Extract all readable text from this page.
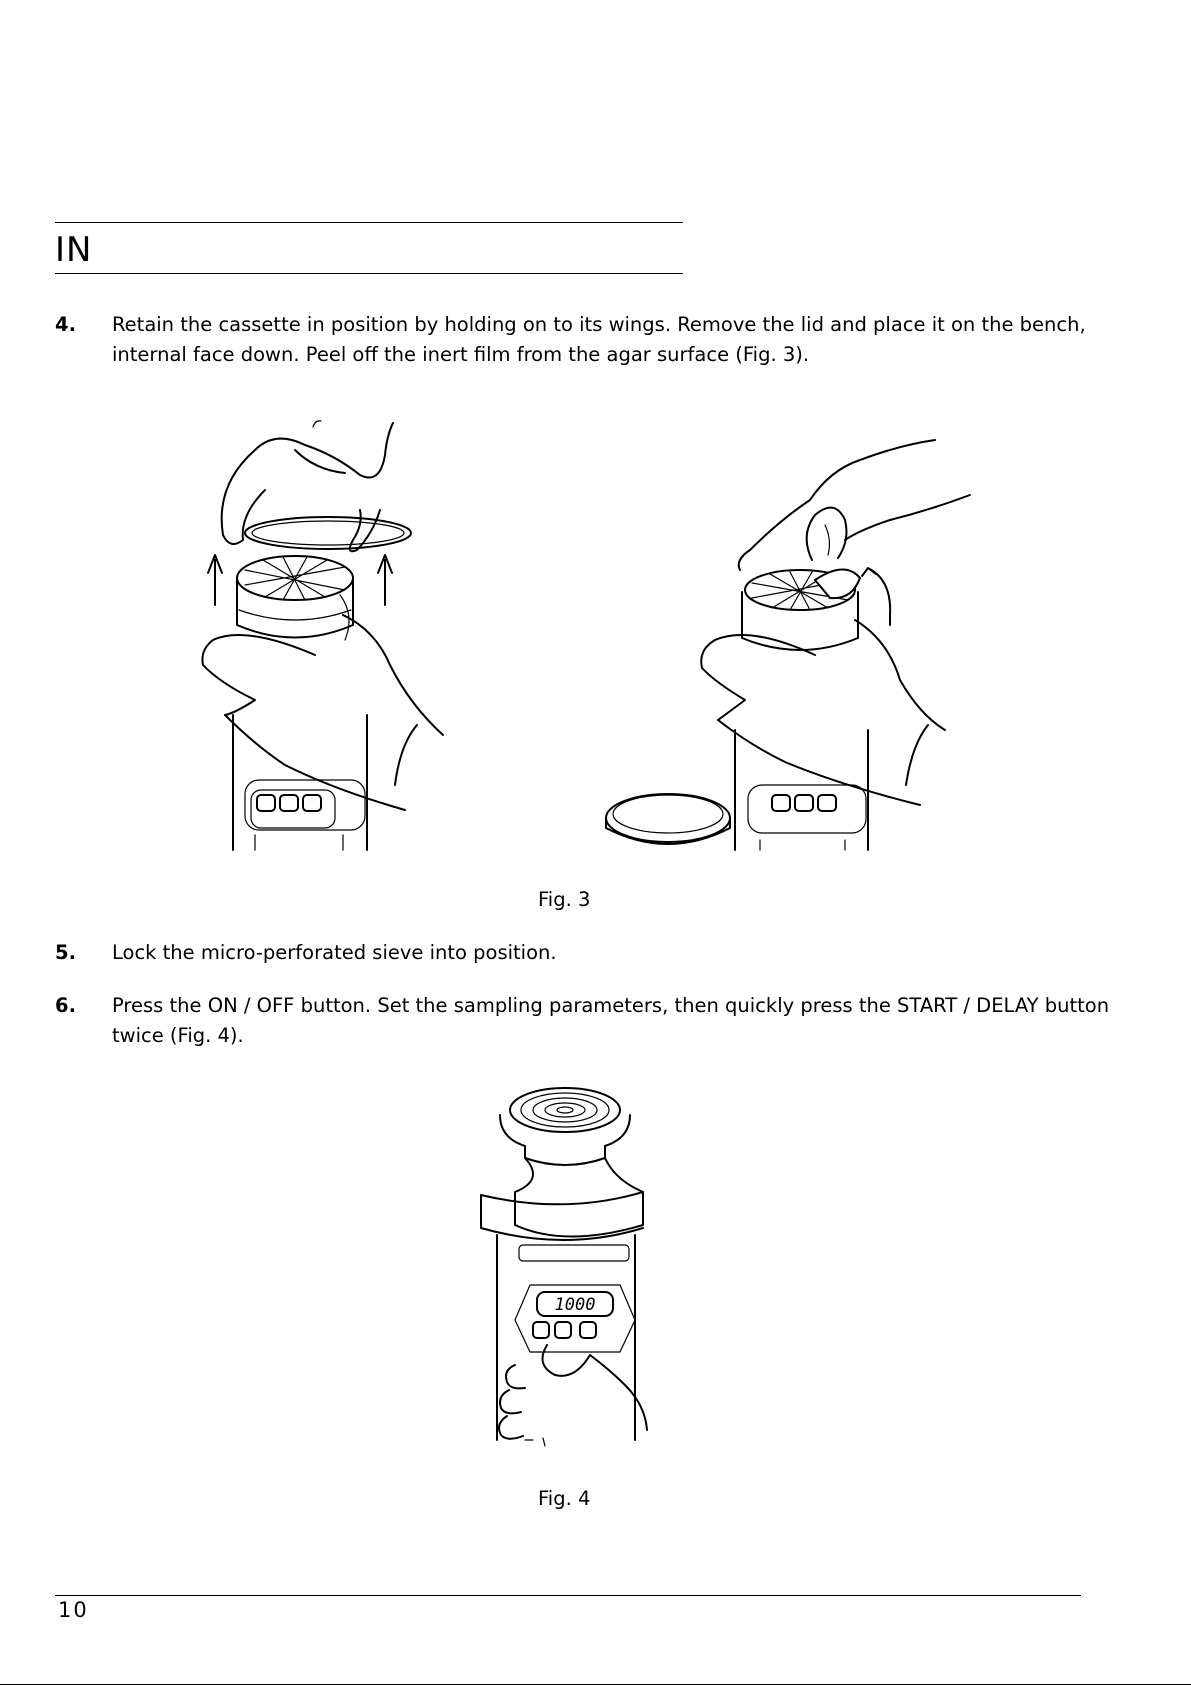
IN
4.	Retain the cassette in position by holding on to its wings. Remove the lid and place it on the bench, internal face down. Peel off the inert film from the agar surface (Fig. 3).
Fig. 3
5.	Lock the micro-perforated sieve into position.
6.	Press the ON / OFF button. Set the sampling parameters, then quickly press the START / DELAY button twice (Fig. 4).
1000
Fig. 4
10
